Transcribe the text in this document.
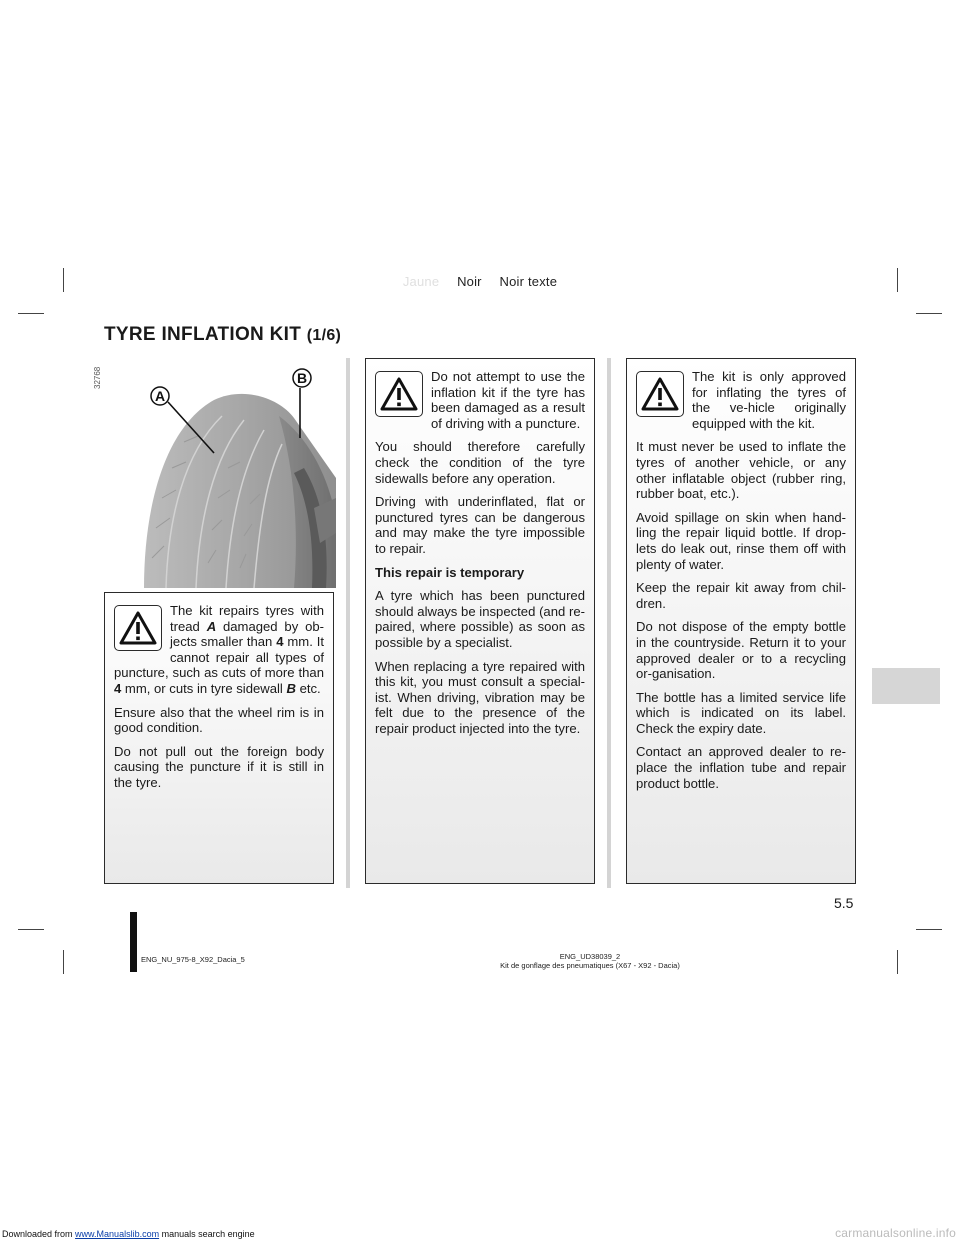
Jaune Noir Noir texte
TYRE INFLATION KIT (1/6)
32768
A
B

The kit repairs tyres with tread A damaged by ob-jects smaller than 4 mm. It cannot repair all types of puncture, such as cuts of more than 4 mm, or cuts in tyre sidewall B etc.

Ensure also that the wheel rim is in good condition.

Do not pull out the foreign body causing the puncture if it is still in the tyre.

Do not attempt to use the inflation kit if the tyre has been damaged as a result of driving with a puncture.

You should therefore carefully check the condition of the tyre sidewalls before any operation.

Driving with underinflated, flat or punctured tyres can be dangerous and may make the tyre impossible to repair.

This repair is temporary

A tyre which has been punctured should always be inspected (and re-paired, where possible) as soon as possible by a specialist.

When replacing a tyre repaired with this kit, you must consult a special-ist. When driving, vibration may be felt due to the presence of the repair product injected into the tyre.

The kit is only approved for inflating the tyres of the ve-hicle originally equipped with the kit.

It must never be used to inflate the tyres of another vehicle, or any other inflatable object (rubber ring, rubber boat, etc.).

Avoid spillage on skin when hand-ling the repair liquid bottle. If drop-lets do leak out, rinse them off with plenty of water.

Keep the repair kit away from chil-dren.

Do not dispose of the empty bottle in the countryside. Return it to your approved dealer or to a recycling or-ganisation.

The bottle has a limited service life which is indicated on its label. Check the expiry date.

Contact an approved dealer to re-place the inflation tube and repair product bottle.

5.5
ENG_NU_975-8_X92_Dacia_5	ENG_UD38039_2
Kit de gonflage des pneumatiques (X67 - X92 - Dacia)
Downloaded from www.Manualslib.com manuals search engine	carmanualsonline.info
